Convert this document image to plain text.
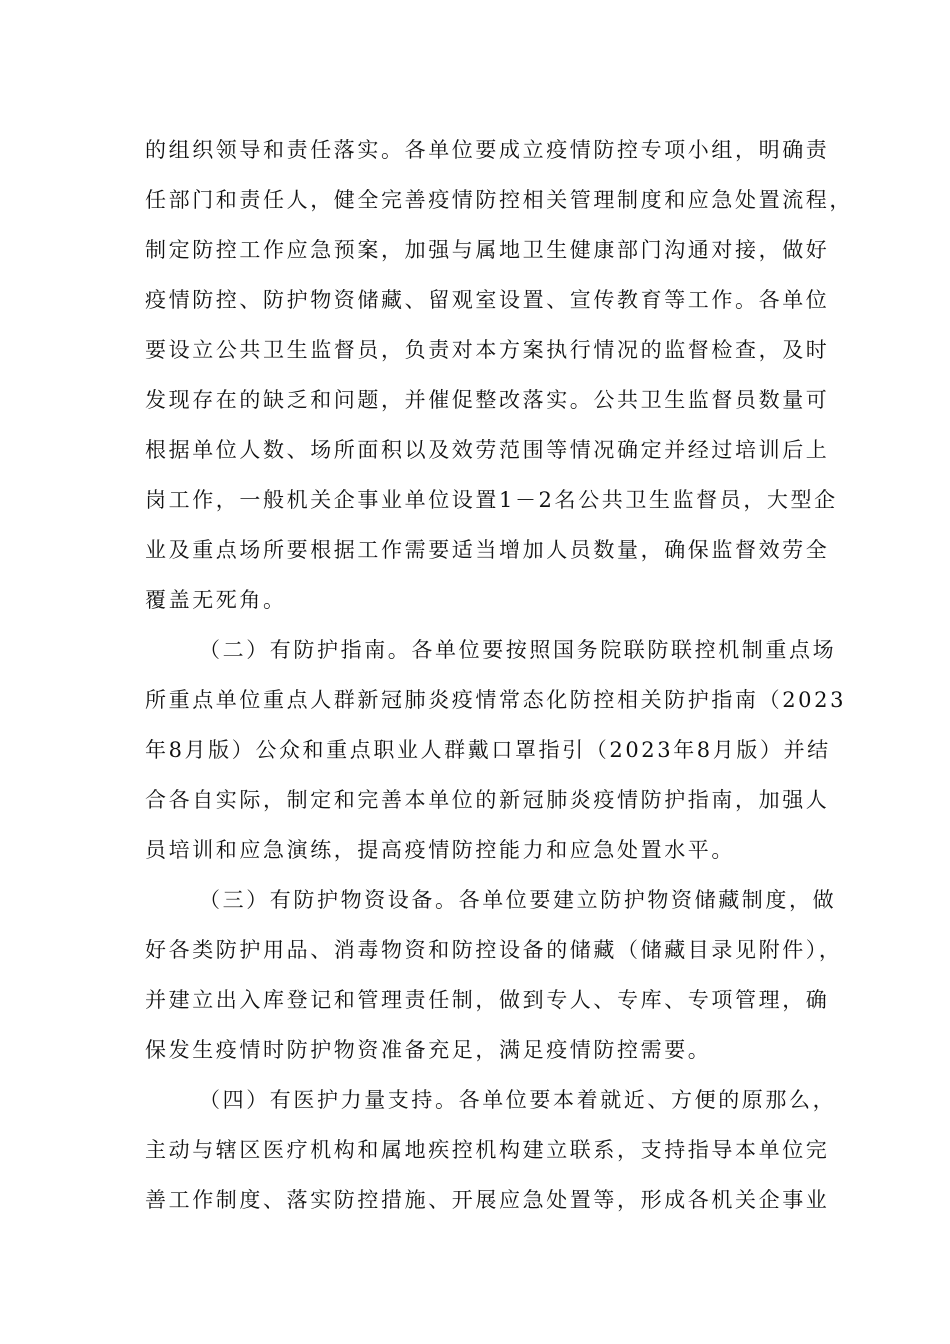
的组织领导和责任落实。各单位要成立疫情防控专项小组，明确责
任部门和责任人，健全完善疫情防控相关管理制度和应急处置流程，
制定防控工作应急预案，加强与属地卫生健康部门沟通对接，做好
疫情防控、防护物资储藏、留观室设置、宣传教育等工作。各单位
要设立公共卫生监督员，负责对本方案执行情况的监督检查，及时
发现存在的缺乏和问题，并催促整改落实。公共卫生监督员数量可
根据单位人数、场所面积以及效劳范围等情况确定并经过培训后上
岗工作，一般机关企事业单位设置1－2名公共卫生监督员，大型企
业及重点场所要根据工作需要适当增加人员数量，确保监督效劳全
覆盖无死角。
（二）有防护指南。各单位要按照国务院联防联控机制重点场
所重点单位重点人群新冠肺炎疫情常态化防控相关防护指南（2023
年8月版）公众和重点职业人群戴口罩指引（2023年8月版）并结
合各自实际，制定和完善本单位的新冠肺炎疫情防护指南，加强人
员培训和应急演练，提高疫情防控能力和应急处置水平。
（三）有防护物资设备。各单位要建立防护物资储藏制度，做
好各类防护用品、消毒物资和防控设备的储藏（储藏目录见附件），
并建立出入库登记和管理责任制，做到专人、专库、专项管理，确
保发生疫情时防护物资准备充足，满足疫情防控需要。
（四）有医护力量支持。各单位要本着就近、方便的原那么，
主动与辖区医疗机构和属地疾控机构建立联系，支持指导本单位完
善工作制度、落实防控措施、开展应急处置等，形成各机关企事业
